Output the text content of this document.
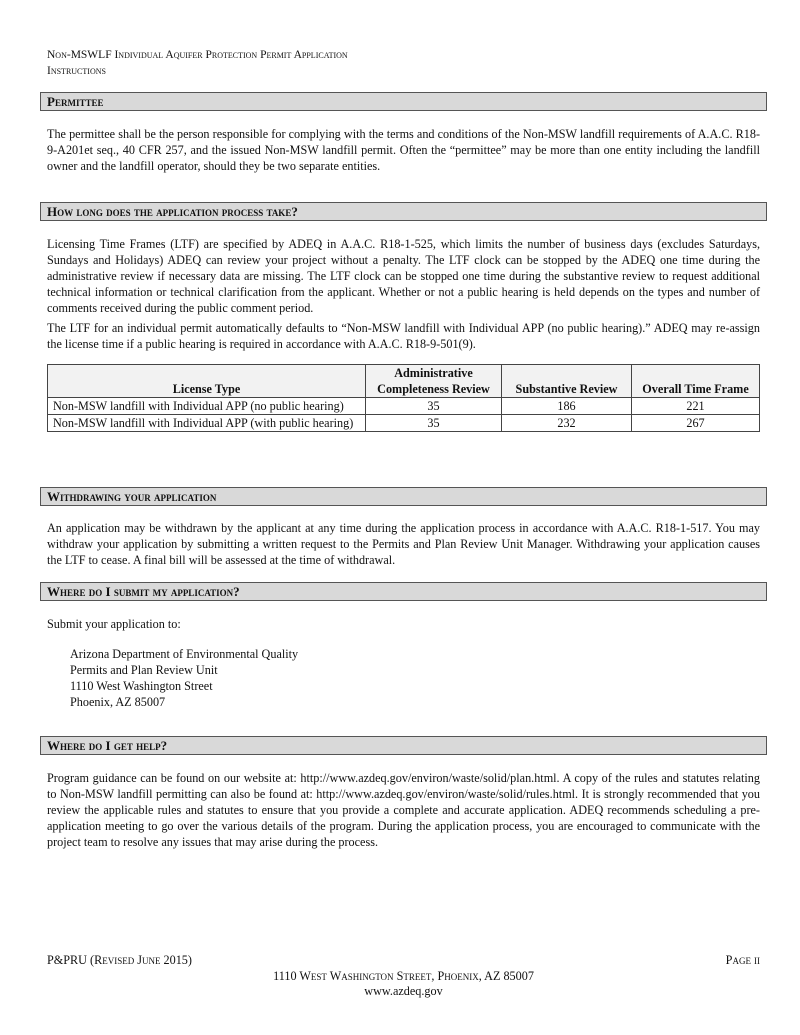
Non-MSWLF Individual Aquifer Protection Permit Application
Instructions
Permittee

The permittee shall be the person responsible for complying with the terms and conditions of the Non-MSW landfill requirements of A.A.C. R18-9-A201et seq., 40 CFR 257, and the issued Non-MSW landfill permit. Often the “permittee” may be more than one entity including the landfill owner and the landfill operator, should they be two separate entities.

How long does the application process take?

Licensing Time Frames (LTF) are specified by ADEQ in A.A.C. R18-1-525, which limits the number of business days (excludes Saturdays, Sundays and Holidays) ADEQ can review your project without a penalty. The LTF clock can be stopped by the ADEQ one time during the administrative review if necessary data are missing. The LTF clock can be stopped one time during the substantive review to request additional technical information or technical clarification from the applicant. Whether or not a public hearing is held depends on the types and number of comments received during the public comment period.

The LTF for an individual permit automatically defaults to “Non-MSW landfill with Individual APP (no public hearing).” ADEQ may re-assign the license time if a public hearing is required in accordance with A.A.C. R18-9-501(9).

License Type	Administrative Completeness Review	Substantive Review	Overall Time Frame
Non-MSW landfill with Individual APP (no public hearing)	35	186	221
Non-MSW landfill with Individual APP (with public hearing)	35	232	267
Withdrawing your application

An application may be withdrawn by the applicant at any time during the application process in accordance with A.A.C. R18-1-517. You may withdraw your application by submitting a written request to the Permits and Plan Review Unit Manager. Withdrawing your application causes the LTF to cease. A final bill will be assessed at the time of withdrawal.

Where do I submit my application?
Submit your application to:
Arizona Department of Environmental Quality
Permits and Plan Review Unit
1110 West Washington Street
Phoenix, AZ 85007
Where do I get help?

Program guidance can be found on our website at: http://www.azdeq.gov/environ/waste/solid/plan.html. A copy of the rules and statutes relating to Non-MSW landfill permitting can also be found at: http://www.azdeq.gov/environ/waste/solid/rules.html. It is strongly recommended that you review the applicable rules and statutes to ensure that you provide a complete and accurate application. ADEQ recommends scheduling a pre-application meeting to go over the various details of the program. During the application process, you are encouraged to communicate with the project team to resolve any issues that may arise during the process.

P&PRU (Revised June 2015)	Page ii
1110 West Washington Street, Phoenix, AZ 85007
www.azdeq.gov
